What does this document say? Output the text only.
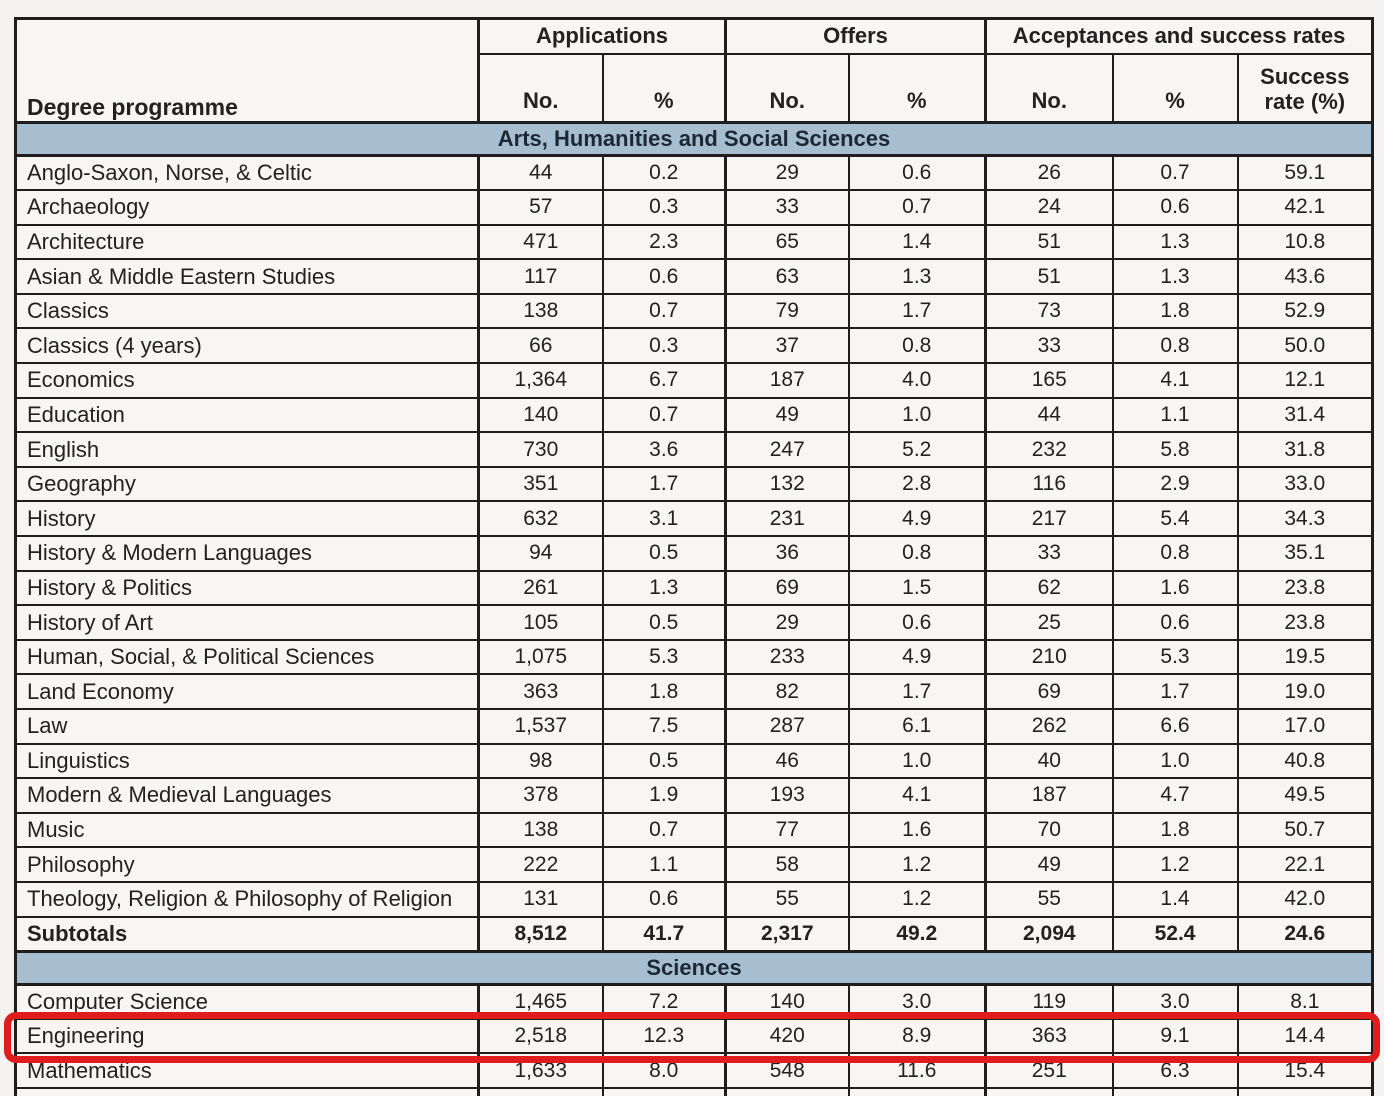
Degree programme	Applications		Offers		Acceptances and success rates		
	No.	%	No.	%	No.	%	Success rate (%)
Arts, Humanities and Social Sciences							
Anglo-Saxon, Norse, & Celtic	44	0.2	29	0.6	26	0.7	59.1
Archaeology	57	0.3	33	0.7	24	0.6	42.1
Architecture	471	2.3	65	1.4	51	1.3	10.8
Asian & Middle Eastern Studies	117	0.6	63	1.3	51	1.3	43.6
Classics	138	0.7	79	1.7	73	1.8	52.9
Classics (4 years)	66	0.3	37	0.8	33	0.8	50.0
Economics	1,364	6.7	187	4.0	165	4.1	12.1
Education	140	0.7	49	1.0	44	1.1	31.4
English	730	3.6	247	5.2	232	5.8	31.8
Geography	351	1.7	132	2.8	116	2.9	33.0
History	632	3.1	231	4.9	217	5.4	34.3
History & Modern Languages	94	0.5	36	0.8	33	0.8	35.1
History & Politics	261	1.3	69	1.5	62	1.6	23.8
History of Art	105	0.5	29	0.6	25	0.6	23.8
Human, Social, & Political Sciences	1,075	5.3	233	4.9	210	5.3	19.5
Land Economy	363	1.8	82	1.7	69	1.7	19.0
Law	1,537	7.5	287	6.1	262	6.6	17.0
Linguistics	98	0.5	46	1.0	40	1.0	40.8
Modern & Medieval Languages	378	1.9	193	4.1	187	4.7	49.5
Music	138	0.7	77	1.6	70	1.8	50.7
Philosophy	222	1.1	58	1.2	49	1.2	22.1
Theology, Religion & Philosophy of Religion	131	0.6	55	1.2	55	1.4	42.0
Subtotals	8,512	41.7	2,317	49.2	2,094	52.4	24.6
Sciences							
Computer Science	1,465	7.2	140	3.0	119	3.0	8.1
Engineering	2,518	12.3	420	8.9	363	9.1	14.4
Mathematics	1,633	8.0	548	11.6	251	6.3	15.4
